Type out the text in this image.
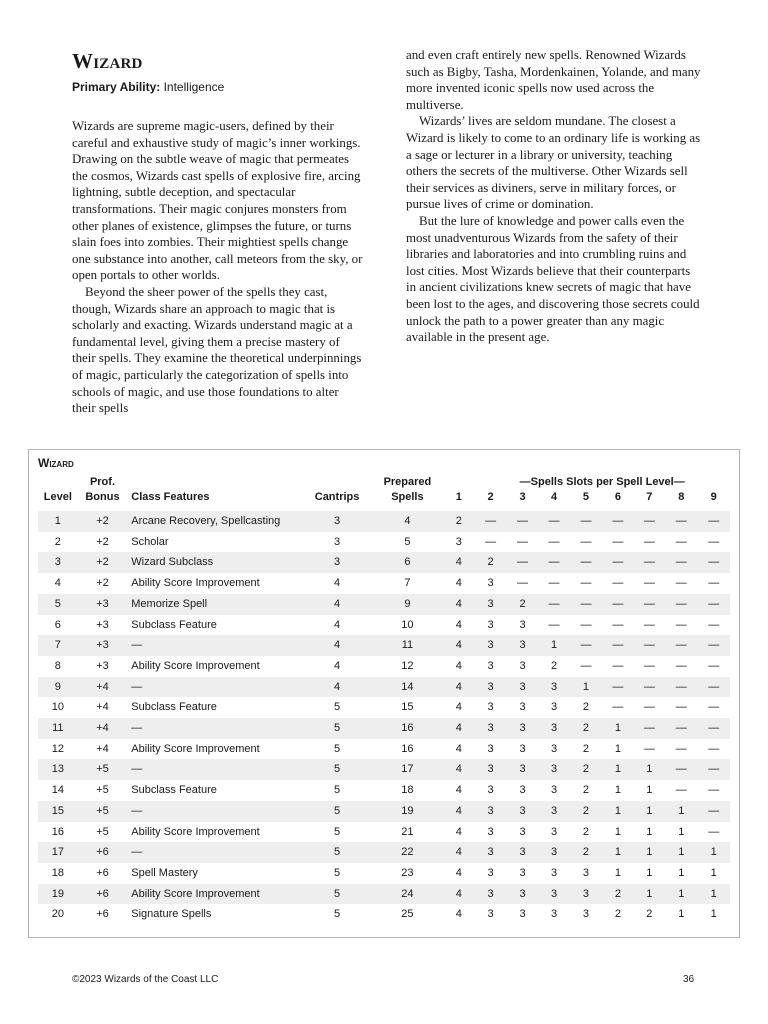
Wizard
Primary Ability: Intelligence

Wizards are supreme magic-users, defined by their careful and exhaustive study of magic’s inner workings. Drawing on the subtle weave of magic that permeates the cosmos, Wizards cast spells of explosive fire, arcing lightning, subtle deception, and spectacular transformations. Their magic conjures monsters from other planes of existence, glimpses the future, or turns slain foes into zombies. Their mightiest spells change one substance into another, call meteors from the sky, or open portals to other worlds.

Beyond the sheer power of the spells they cast, though, Wizards share an approach to magic that is scholarly and exacting. Wizards understand magic at a fundamental level, giving them a precise mastery of their spells. They examine the theoretical underpinnings of magic, particularly the categorization of spells into schools of magic, and use those foundations to alter their spells

and even craft entirely new spells. Renowned Wizards such as Bigby, Tasha, Mordenkainen, Yolande, and many more invented iconic spells now used across the multiverse.

Wizards’ lives are seldom mundane. The closest a Wizard is likely to come to an ordinary life is working as a sage or lecturer in a library or university, teaching others the secrets of the multiverse. Other Wizards sell their services as diviners, serve in military forces, or pursue lives of crime or domination.

But the lure of knowledge and power calls even the most unadventurous Wizards from the safety of their libraries and laboratories and into crumbling ruins and lost cities. Most Wizards believe that their counterparts in ancient civilizations knew secrets of magic that have been lost to the ages, and discovering those secrets could unlock the path to a power greater than any magic available in the present age.

Wizard
	Prof.			Prepared		—Spells Slots per Spell Level—							
Level	Bonus	Class Features	Cantrips	Spells	1	2	3	4	5	6	7	8	9
1	+2	Arcane Recovery, Spellcasting	3	4	2	—	—	—	—	—	—	—	—
2	+2	Scholar	3	5	3	—	—	—	—	—	—	—	—
3	+2	Wizard Subclass	3	6	4	2	—	—	—	—	—	—	—
4	+2	Ability Score Improvement	4	7	4	3	—	—	—	—	—	—	—
5	+3	Memorize Spell	4	9	4	3	2	—	—	—	—	—	—
6	+3	Subclass Feature	4	10	4	3	3	—	—	—	—	—	—
7	+3	—	4	11	4	3	3	1	—	—	—	—	—
8	+3	Ability Score Improvement	4	12	4	3	3	2	—	—	—	—	—
9	+4	—	4	14	4	3	3	3	1	—	—	—	—
10	+4	Subclass Feature	5	15	4	3	3	3	2	—	—	—	—
11	+4	—	5	16	4	3	3	3	2	1	—	—	—
12	+4	Ability Score Improvement	5	16	4	3	3	3	2	1	—	—	—
13	+5	—	5	17	4	3	3	3	2	1	1	—	—
14	+5	Subclass Feature	5	18	4	3	3	3	2	1	1	—	—
15	+5	—	5	19	4	3	3	3	2	1	1	1	—
16	+5	Ability Score Improvement	5	21	4	3	3	3	2	1	1	1	—
17	+6	—	5	22	4	3	3	3	2	1	1	1	1
18	+6	Spell Mastery	5	23	4	3	3	3	3	1	1	1	1
19	+6	Ability Score Improvement	5	24	4	3	3	3	3	2	1	1	1
20	+6	Signature Spells	5	25	4	3	3	3	3	2	2	1	1
©2023 Wizards of the Coast LLC	36
